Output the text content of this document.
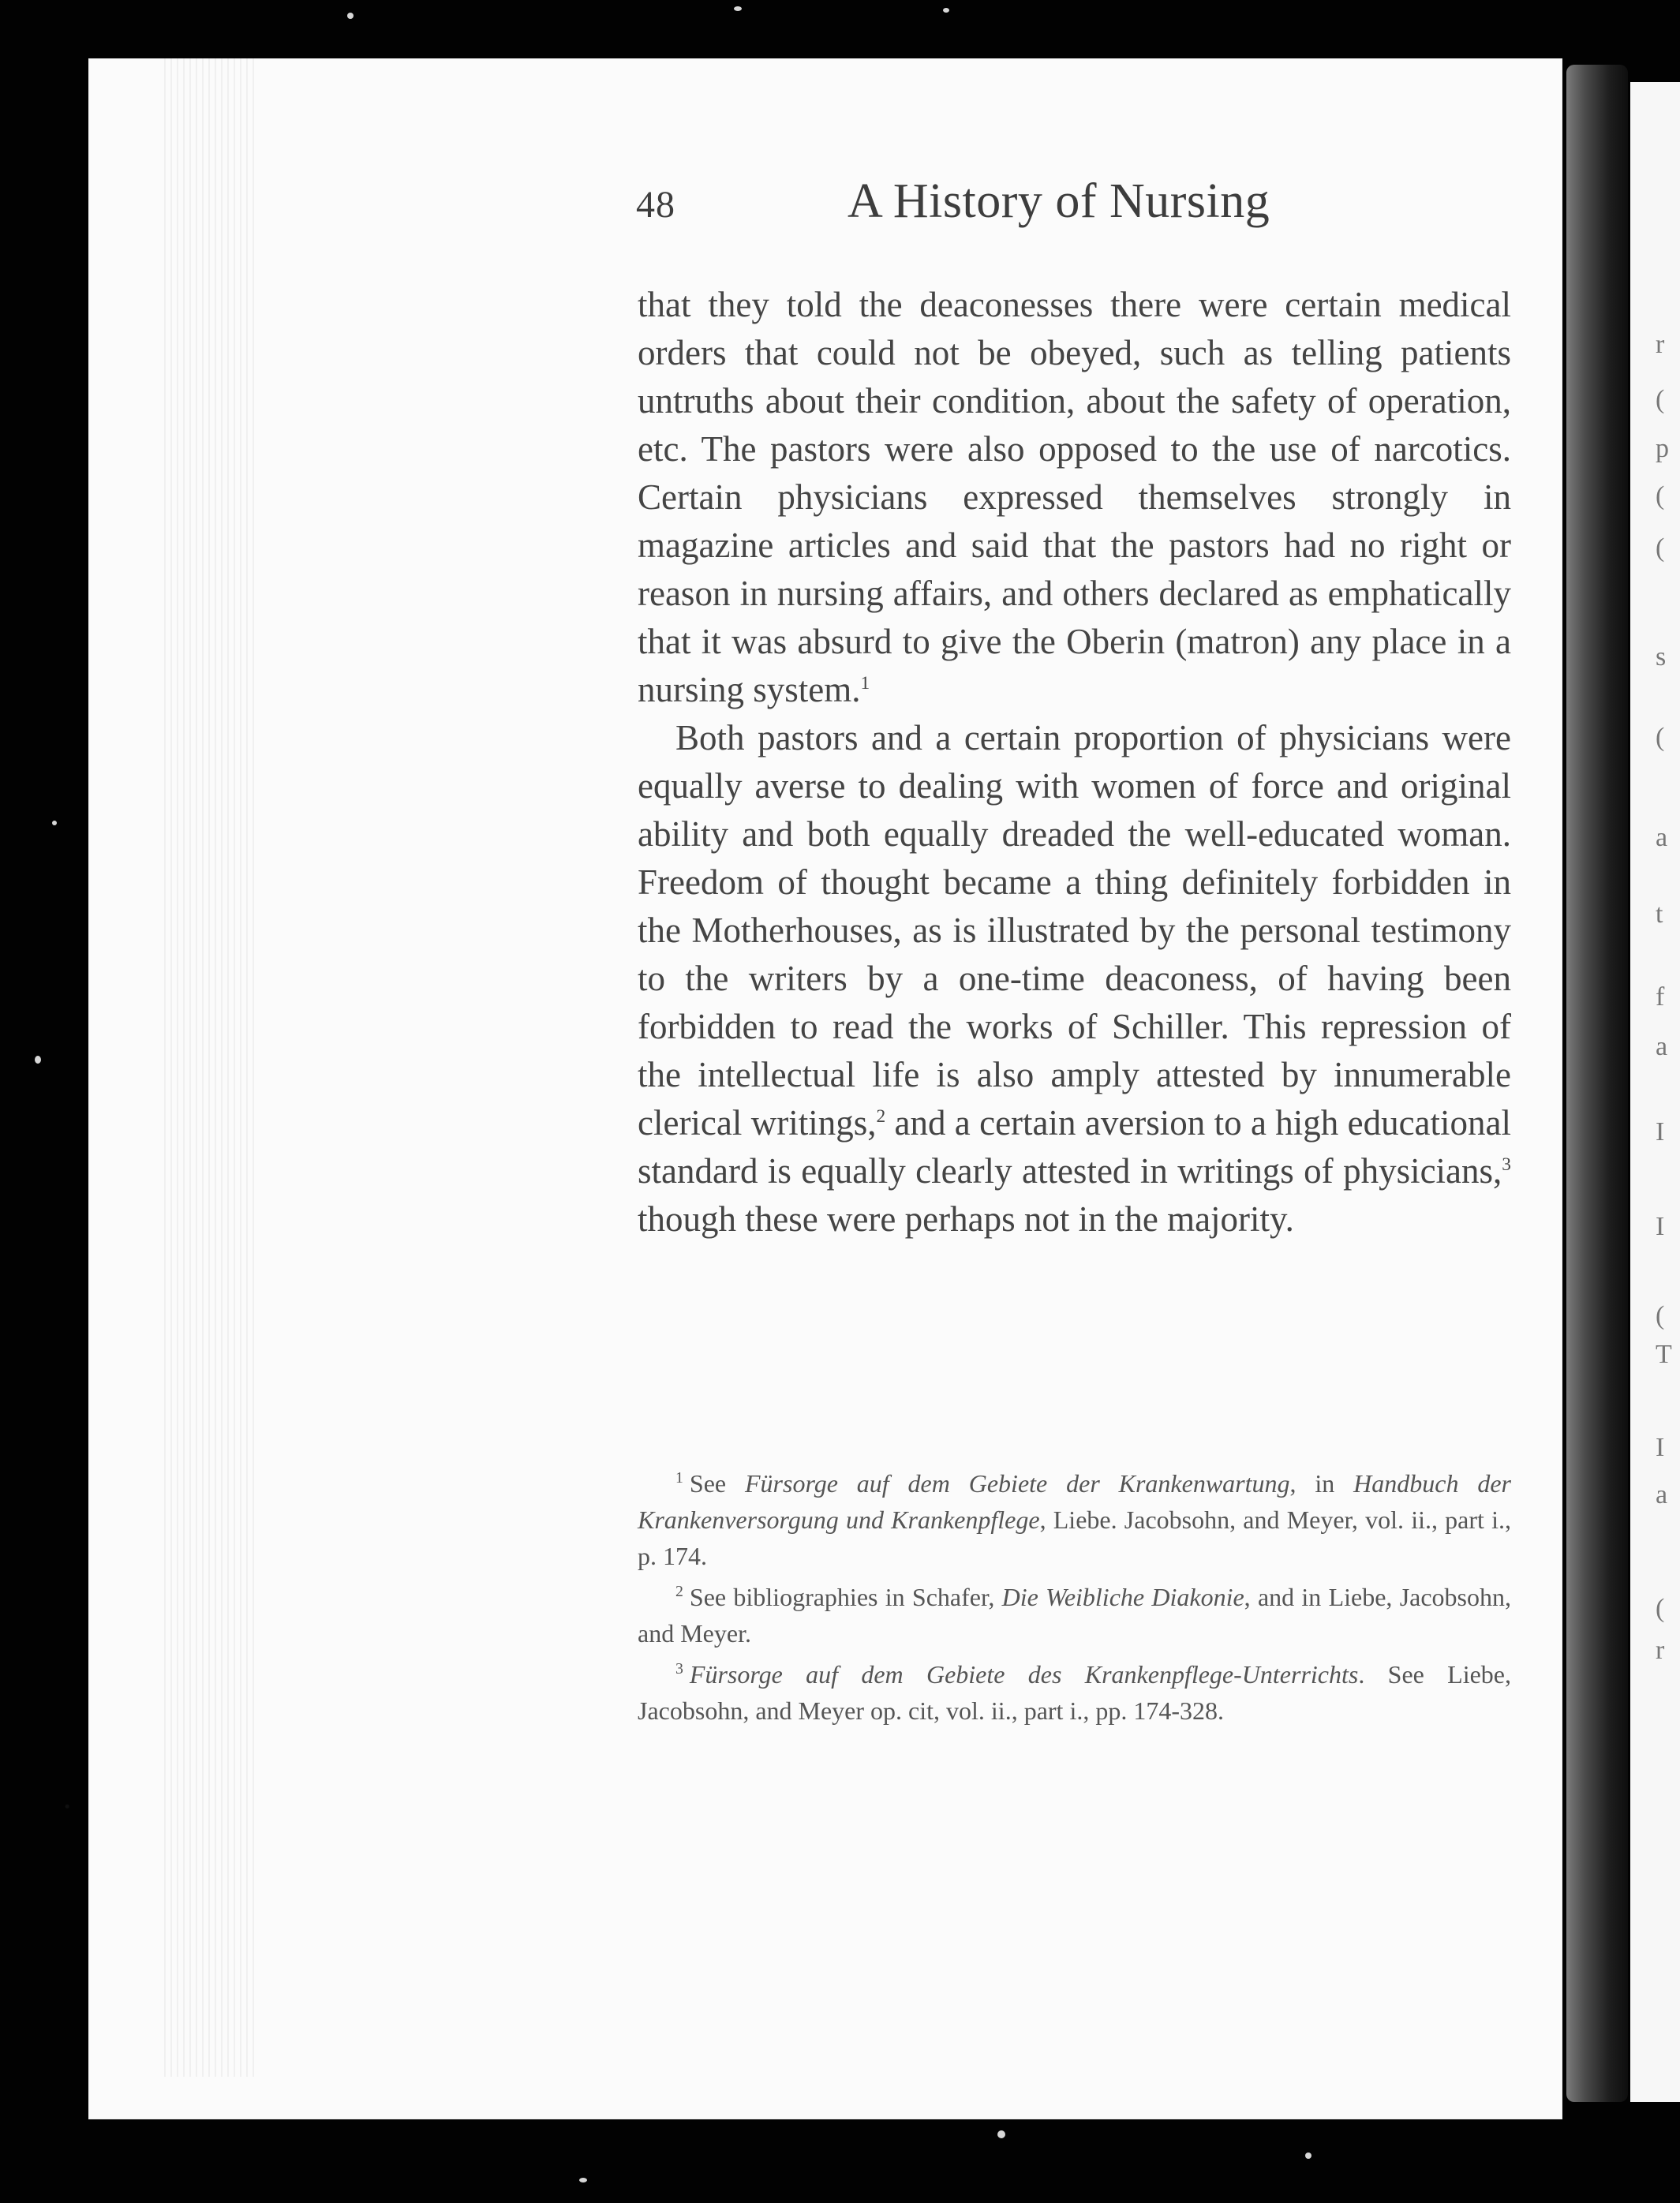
r
(
p
(
(
s
(
a
t
f
a
I
I
(
T
I
a
(
r
48	A History of Nursing

that they told the deaconesses there were certain medical orders that could not be obeyed, such as telling patients untruths about their condition, about the safety of operation, etc. The pastors were also opposed to the use of narcotics. Certain physicians expressed themselves strongly in magazine articles and said that the pastors had no right or reason in nursing affairs, and others declared as emphatically that it was absurd to give the Oberin (matron) any place in a nursing system.$^1$

Both pastors and a certain proportion of physicians were equally averse to dealing with women of force and original ability and both equally dreaded the well-educated woman. Freedom of thought became a thing definitely forbidden in the Motherhouses, as is illustrated by the personal testimony to the writers by a one-time deaconess, of having been forbidden to read the works of Schiller. This repression of the intellectual life is also amply attested by innumerable clerical writings,$^2$ and a certain aversion to a high educational standard is equally clearly attested in writings of physicians,$^3$ though these were perhaps not in the majority.

$^1$ See Fürsorge auf dem Gebiete der Krankenwartung, in Handbuch der Krankenversorgung und Krankenpflege, Liebe. Jacobsohn, and Meyer, vol. ii., part i., p. 174.

$^2$ See bibliographies in Schafer, Die Weibliche Diakonie, and in Liebe, Jacobsohn, and Meyer.

$^3$ Fürsorge auf dem Gebiete des Krankenpflege-Unterrichts. See Liebe, Jacobsohn, and Meyer op. cit, vol. ii., part i., pp. 174-328.
